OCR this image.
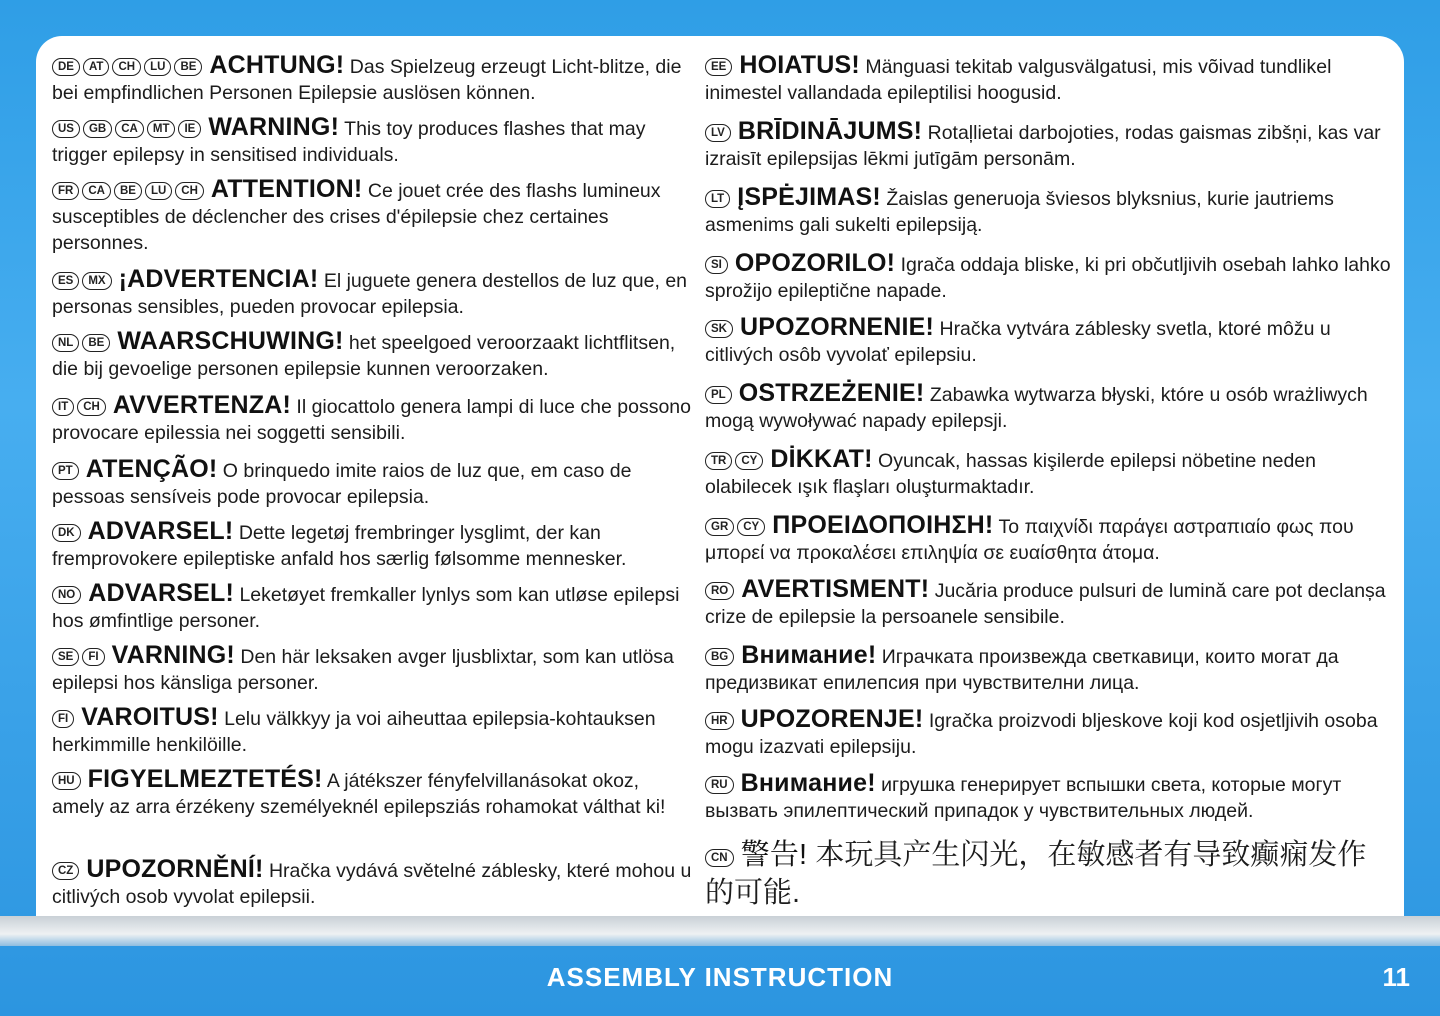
DE AT CH LU BE ACHTUNG! Das Spielzeug erzeugt Licht-blitze, die bei empfindlichen Personen Epilepsie auslösen können.
US GB CA MT IE WARNING! This toy produces flashes that may trigger epilepsy in sensitised individuals.
FR CA BE LU CH ATTENTION! Ce jouet crée des flashs lumineux susceptibles de déclencher des crises d'épilepsie chez certaines personnes.
ES MX ¡ADVERTENCIA! El juguete genera destellos de luz que, en personas sensibles, pueden provocar epilepsia.
NL BE WAARSCHUWING! het speelgoed veroorzaakt lichtflitsen, die bij gevoelige personen epilepsie kunnen veroorzaken.
IT CH AVVERTENZA! Il giocattolo genera lampi di luce che possono provocare epilessia nei soggetti sensibili.
PT ATENÇÃO! O brinquedo imite raios de luz que, em caso de pessoas sensíveis pode provocar epilepsia.
DK ADVARSEL! Dette legetøj frembringer lysglimt, der kan fremprovokere epileptiske anfald hos særlig følsomme mennesker.
NO ADVARSEL! Leketøyet fremkaller lynlys som kan utløse epilepsi hos ømfintlige personer.
SE FI VARNING! Den här leksaken avger ljusblixtar, som kan utlösa epilepsi hos känsliga personer.
FI VAROITUS! Lelu välkkyy ja voi aiheuttaa epilepsia-kohtauksen herkimmille henkilöille.
HU FIGYELMEZTETÉS! A játékszer fényfelvillanásokat okoz, amely az arra érzékeny személyeknél epilepsziás rohamokat válthat ki!
CZ UPOZORNĚNÍ! Hračka vydává světelné záblesky, které mohou u citlivých osob vyvolat epilepsii.
EE HOIATUS! Mänguasi tekitab valgusvälgatusi, mis võivad tundlikel inimestel vallandada epileptilisi hoogusid.
LV BRĪDINĀJUMS! Rotaļlietai darbojoties, rodas gaismas zibšņi, kas var izraisīt epilepsijas lēkmi jutīgām personām.
LT ĮSPĖJIMAS! Žaislas generuoja šviesos blyksnius, kurie jautriems asmenims gali sukelti epilepsiją.
SI OPOZORILO! Igrača oddaja bliske, ki pri občutljivih osebah lahko lahko sprožijo epileptične napade.
SK UPOZORNENIE! Hračka vytvára záblesky svetla, ktoré môžu u citlivých osôb vyvolať epilepsiu.
PL OSTRZEŻENIE! Zabawka wytwarza błyski, które u osób wrażliwych mogą wywoływać napady epilepsji.
TR CY DİKKAT! Oyuncak, hassas kişilerde epilepsi nöbetine neden olabilecek ışık flaşları oluşturmaktadır.
GR CY ΠΡΟΕΙΔΟΠΟΙΗΣΗ! Το παιχνίδι παράγει αστραπιαίο φως που μπορεί να προκαλέσει επιληψία σε ευαίσθητα άτομα.
RO AVERTISMENT! Jucăria produce pulsuri de lumină care pot declanșa crize de epilepsie la persoanele sensibile.
BG Внимание! Играчката произвежда светкавици, които могат да предизвикат епилепсия при чувствителни лица.
HR UPOZORENJE! Igračka proizvodi bljeskove koji kod osjetljivih osoba mogu izazvati epilepsiju.
RU Внимание! игрушка генерирует вспышки света, которые могут вызвать эпилептический припадок у чувствительных людей.
CN 警告! 本玩具产生闪光，在敏感者有导致癫痫发作的可能.
ASSEMBLY INSTRUCTION	11
